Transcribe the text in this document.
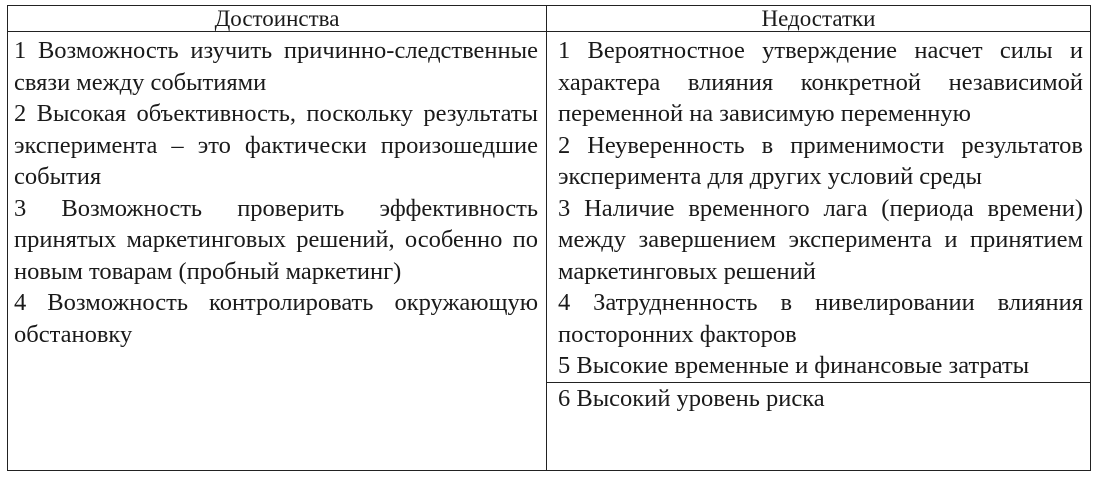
Достоинства	Недостатки
1 Возможность изучить причинно-следственные связи между событиями
2 Высокая объективность, поскольку результаты эксперимента – это фактически произошедшие события
3 Возможность проверить эффективность принятых маркетинговых решений, особенно по новым товарам (пробный маркетинг)
4 Возможность контролировать окружающую обстановку
1 Вероятностное утверждение насчет силы и характера влияния конкретной независимой переменной на зависимую переменную
2 Неуверенность в применимости результатов эксперимента для других условий среды
3 Наличие временного лага (периода времени) между завершением эксперимента и принятием маркетинговых решений
4 Затрудненность в нивелировании влияния посторонних факторов
5 Высокие временные и финансовые затраты
6 Высокий уровень риска
